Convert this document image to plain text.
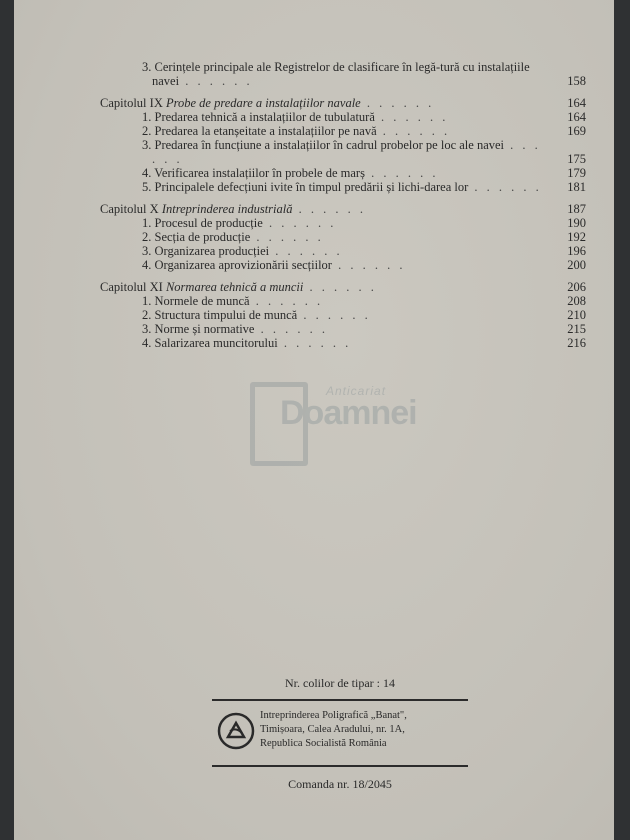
3. Cerințele principale ale Registrelor de clasificare în legă-tură cu instalațiile navei . . . . . .	158
Capitolul IX Probe de predare a instalațiilor navale . . . . . .	164
1. Predarea tehnică a instalațiilor de tubulatură . . . . . .	164
2. Predarea la etanșeitate a instalațiilor pe navă . . . . . .	169
3. Predarea în funcțiune a instalațiilor în cadrul probelor pe loc ale navei . . . . . .	175
4. Verificarea instalațiilor în probele de marș . . . . . .	179
5. Principalele defecțiuni ivite în timpul predării și lichi-darea lor . . . . . .	181
Capitolul X Intreprinderea industrială . . . . . .	187
1. Procesul de producție . . . . . .	190
2. Secția de producție . . . . . .	192
3. Organizarea producției . . . . . .	196
4. Organizarea aprovizionării secțiilor . . . . . .	200
Capitolul XI Normarea tehnică a muncii . . . . . .	206
1. Normele de muncă . . . . . .	208
2. Structura timpului de muncă . . . . . .	210
3. Norme și normative . . . . . .	215
4. Salarizarea muncitorului . . . . . .	216
Anticariat
Doamnei
Nr. colilor de tipar : 14
Intreprinderea Poligrafică „Banat",
Timișoara, Calea Aradului, nr. 1A,
Republica Socialistă România
Comanda nr. 18/2045
